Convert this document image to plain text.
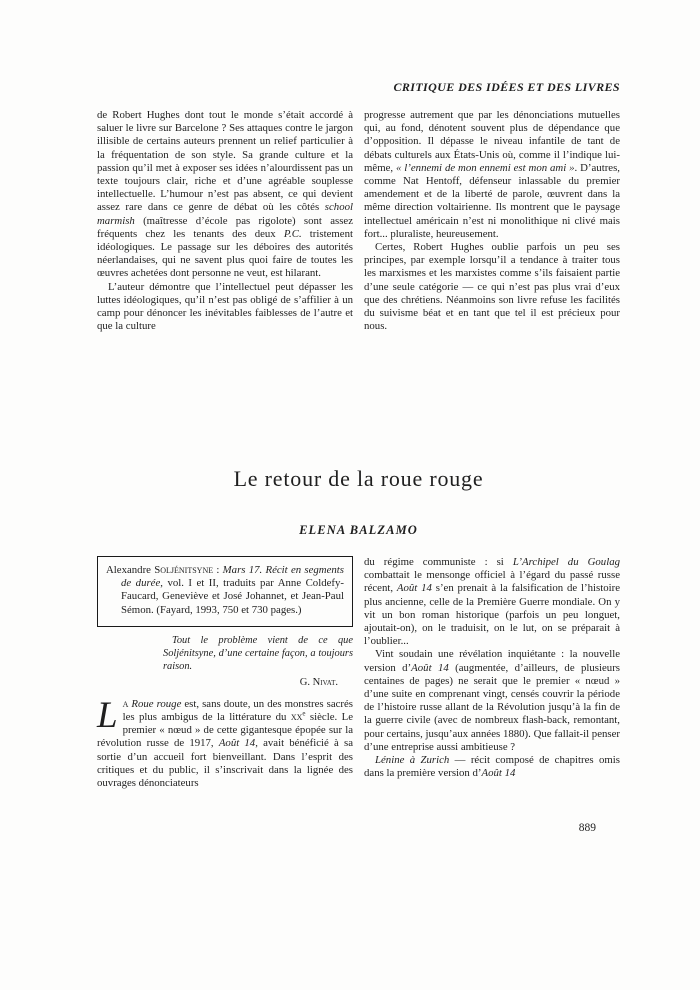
CRITIQUE DES IDÉES ET DES LIVRES

de Robert Hughes dont tout le monde s’était accordé à saluer le livre sur Barcelone ? Ses attaques contre le jargon illisible de certains auteurs prennent un relief particulier à la fréquentation de son style. Sa grande culture et la passion qu’il met à exposer ses idées n’alourdissent pas un texte toujours clair, riche et d’une agréable souplesse intellectuelle. L’humour n’est pas absent, ce qui devient assez rare dans ce genre de débat où les côtés school marmish (maîtresse d’école pas rigolote) sont assez fréquents chez les tenants des deux P.C. tristement idéologiques. Le passage sur les déboires des autorités néerlandaises, qui ne savent plus quoi faire de toutes les œuvres achetées dont personne ne veut, est hilarant.

L’auteur démontre que l’intellectuel peut dépasser les luttes idéologiques, qu’il n’est pas obligé de s’affilier à un camp pour dénoncer les inévitables faiblesses de l’autre et que la culture

progresse autrement que par les dénonciations mutuelles qui, au fond, dénotent souvent plus de dépendance que d’opposition. Il dépasse le niveau infantile de tant de débats culturels aux États-Unis où, comme il l’indique lui-même, « l’ennemi de mon ennemi est mon ami ». D’autres, comme Nat Hentoff, défenseur inlassable du premier amendement et de la liberté de parole, œuvrent dans la même direction voltairienne. Ils montrent que le paysage intellectuel américain n’est ni monolithique ni clivé mais fort... pluraliste, heureusement.

Certes, Robert Hughes oublie parfois un peu ses principes, par exemple lorsqu’il a tendance à traiter tous les marxismes et les marxistes comme s’ils faisaient partie d’une seule catégorie — ce qui n’est pas plus vrai d’eux que des chrétiens. Néanmoins son livre refuse les facilités du suivisme béat et en tant que tel il est précieux pour nous.

Le retour de la roue rouge
ELENA BALZAMO

Alexandre Soljénitsyne : Mars 17. Récit en segments de durée, vol. I et II, traduits par Anne Coldefy-Faucard, Geneviève et José Johannet, et Jean-Paul Sémon. (Fayard, 1993, 750 et 730 pages.)

Tout le problème vient de ce que Soljénitsyne, d’une certaine façon, a toujours raison.

G. Nivat.

La Roue rouge est, sans doute, un des monstres sacrés les plus ambigus de la littérature du $xx^e$ siècle. Le premier « nœud » de cette gigantesque épopée sur la révolution russe de 1917, Août 14, avait bénéficié à sa sortie d’un accueil fort bienveillant. Dans l’esprit des critiques et du public, il s’inscrivait dans la lignée des ouvrages dénonciateurs

du régime communiste : si L’Archipel du Goulag combattait le mensonge officiel à l’égard du passé russe récent, Août 14 s’en prenait à la falsification de l’histoire plus ancienne, celle de la Première Guerre mondiale. On y vit un bon roman historique (parfois un peu longuet, ajoutait-on), on le traduisit, on le lut, on se préparait à l’oublier...

Vint soudain une révélation inquiétante : la nouvelle version d’Août 14 (augmentée, d’ailleurs, de plusieurs centaines de pages) ne serait que le premier « nœud » d’une suite en comprenant vingt, censés couvrir la période de l’histoire russe allant de la Révolution jusqu’à la fin de la guerre civile (avec de nombreux flash-back, remontant, pour certains, jusqu’aux années 1880). Que fallait-il penser d’une entreprise aussi ambitieuse ?

Lénine à Zurich — récit composé de chapitres omis dans la première version d’Août 14

889
